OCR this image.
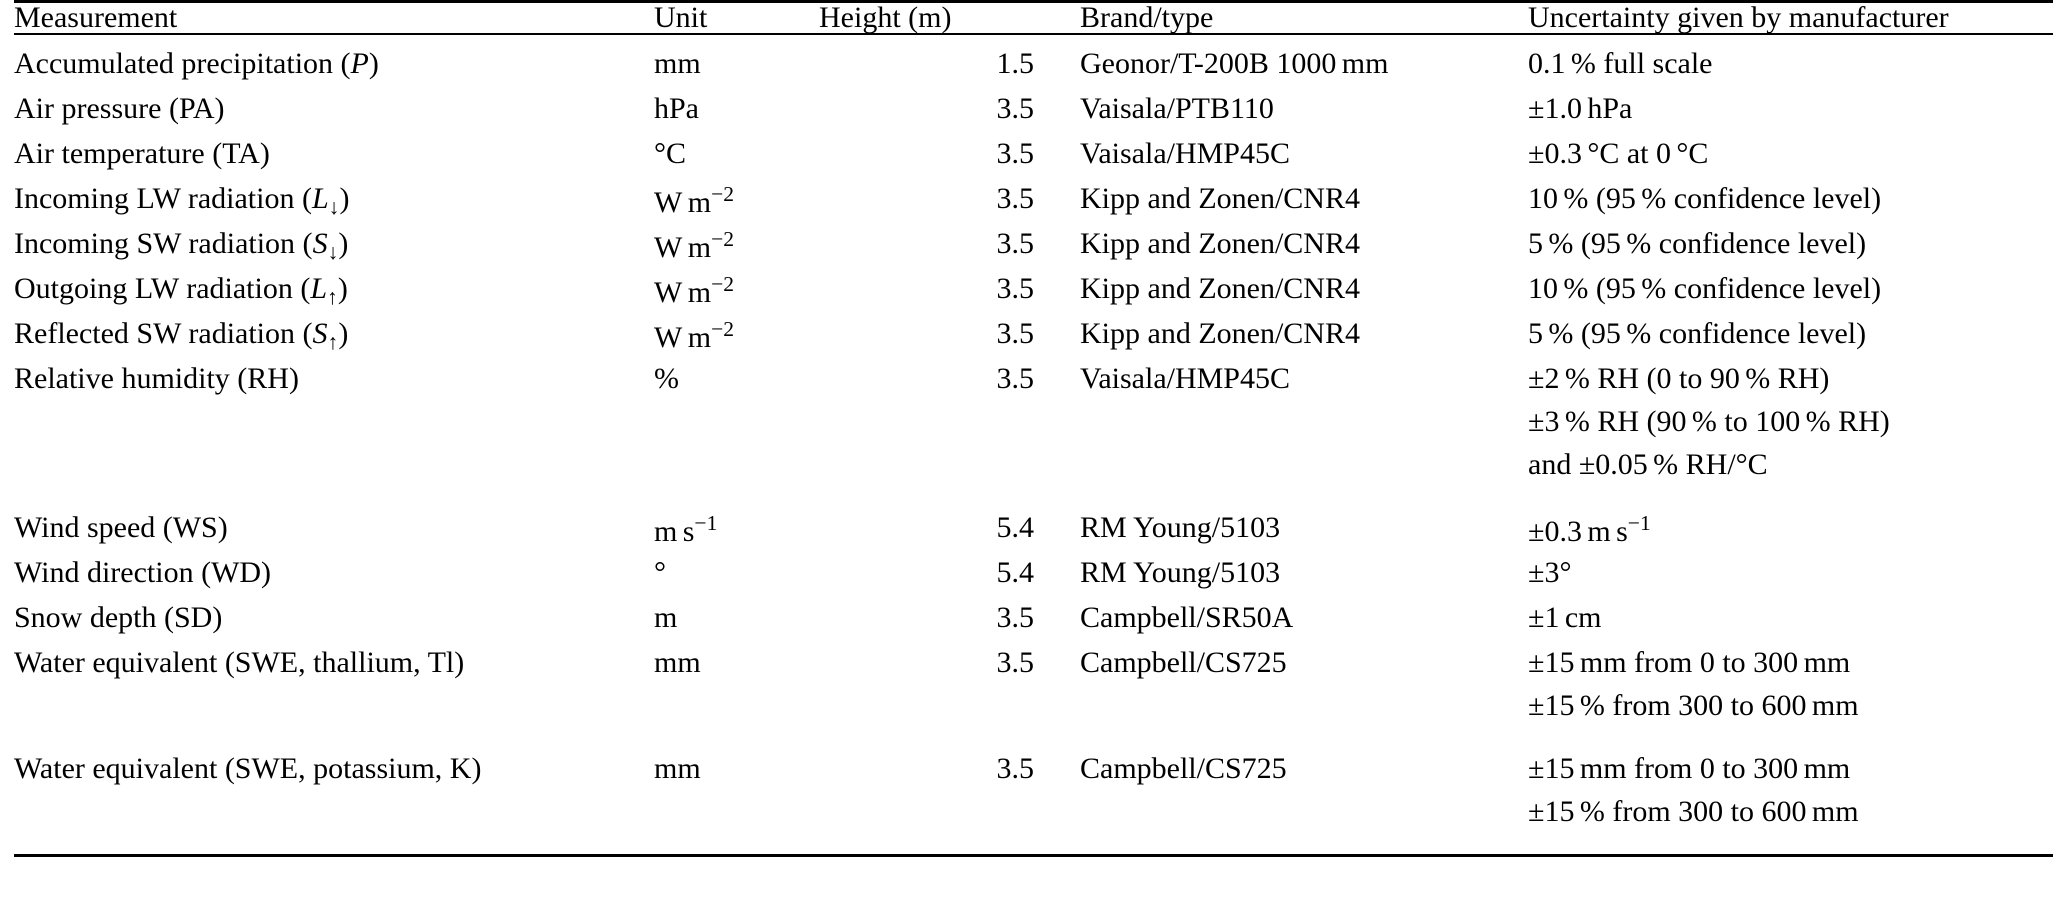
Measurement	Unit	Height (m)	Brand/type	Uncertainty given by manufacturer
Accumulated precipitation (P)	mm	1.5	Geonor/T-200B 1000 mm	0.1 % full scale
Air pressure (PA)	hPa	3.5	Vaisala/PTB110	±1.0 hPa
Air temperature (TA)	°C	3.5	Vaisala/HMP45C	±0.3 °C at 0 °C
Incoming LW radiation $(L_↓)$	W $m^{-2}$	3.5	Kipp and Zonen/CNR4	10 % (95 % confidence level)
Incoming SW radiation $(S_↓)$	W $m^{-2}$	3.5	Kipp and Zonen/CNR4	5 % (95 % confidence level)
Outgoing LW radiation $(L_↑)$	W $m^{-2}$	3.5	Kipp and Zonen/CNR4	10 % (95 % confidence level)
Reflected SW radiation $(S_↑)$	W $m^{-2}$	3.5	Kipp and Zonen/CNR4	5 % (95 % confidence level)
Relative humidity (RH)	%	3.5	Vaisala/HMP45C	±2 % RH (0 to 90 % RH)
				±3 % RH (90 % to 100 % RH)
				and ±0.05 % RH/°C
Wind speed (WS)	m $s^{-1}$	5.4	RM Young/5103	±0.3 m $s^{-1}$
Wind direction (WD)	°	5.4	RM Young/5103	±3°
Snow depth (SD)	m	3.5	Campbell/SR50A	±1 cm
Water equivalent (SWE, thallium, Tl)	mm	3.5	Campbell/CS725	±15 mm from 0 to 300 mm
				±15 % from 300 to 600 mm
Water equivalent (SWE, potassium, K)	mm	3.5	Campbell/CS725	±15 mm from 0 to 300 mm
				±15 % from 300 to 600 mm
